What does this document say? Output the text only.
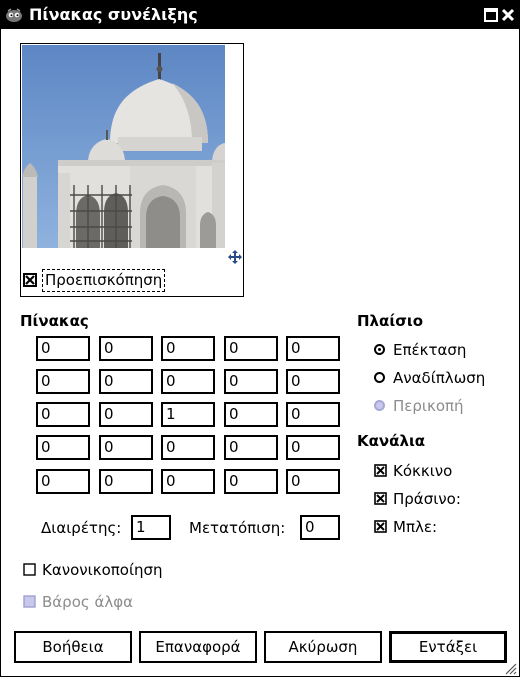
Πίνακας συνέλιξης
Προεπισκόπηση
Πίνακας
0	0	0	0	0
0	0	0	0	0
0	0	1	0	0
0	0	0	0	0
0	0	0	0	0
Διαιρέτης: 1	Μετατόπιση:	0
Κανονικοποίηση
Βάρος άλφα
Πλαίσιο
Επέκταση
Αναδίπλωση
Περικοπή
Κανάλια
Κόκκινο
Πράσινο:
Μπλε:
Βοήθεια	Επαναφορά	Ακύρωση	Εντάξει
